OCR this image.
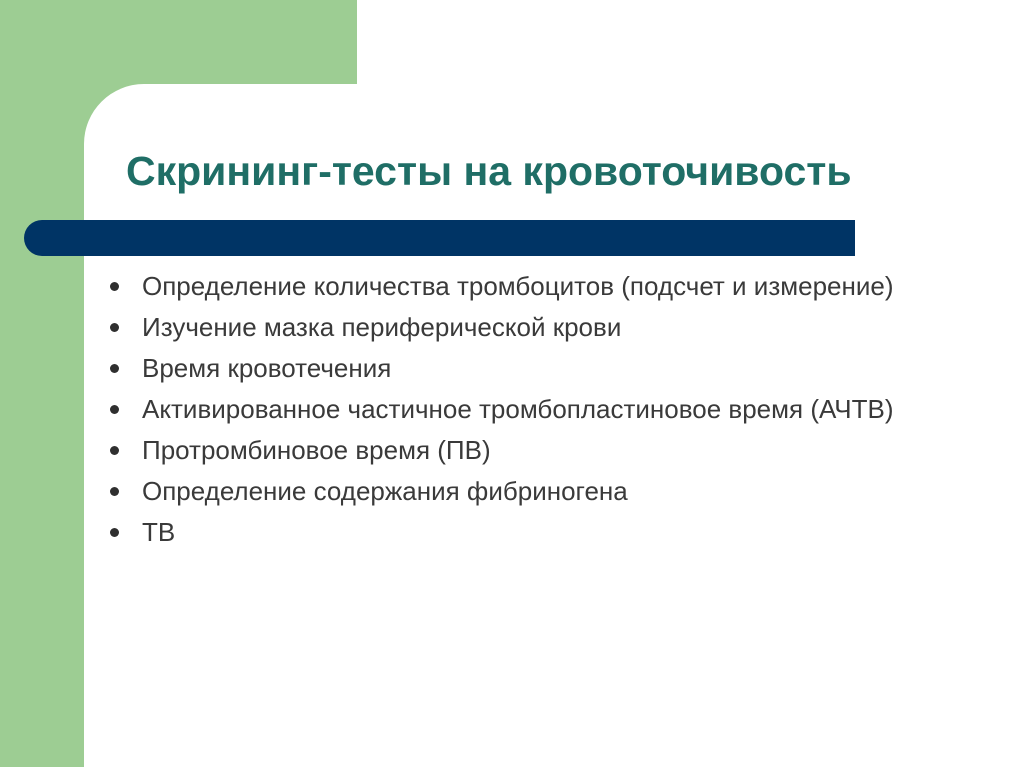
Скрининг-тесты на кровоточивость
Определение количества тромбоцитов (подсчет и измерение)
Изучение мазка периферической крови
Время кровотечения
Активированное частичное тромбопластиновое время (АЧТВ)
Протромбиновое время (ПВ)
Определение содержания фибриногена
ТВ
